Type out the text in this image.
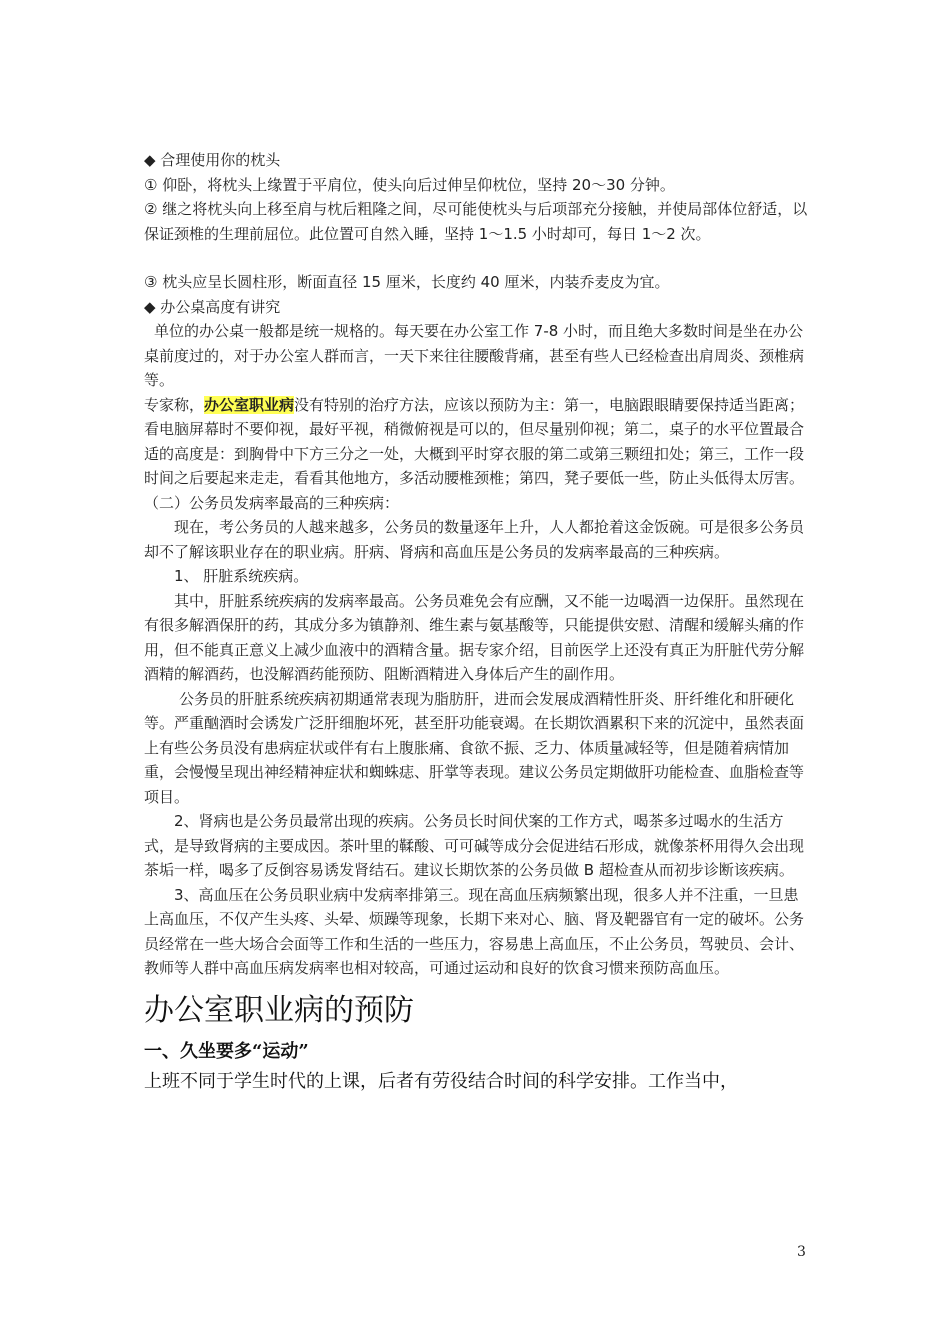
◆ 合理使用你的枕头

① 仰卧，将枕头上缘置于平肩位，使头向后过伸呈仰枕位，坚持 20～30 分钟。

② 继之将枕头向上移至肩与枕后粗隆之间，尽可能使枕头与后项部充分接触，并使局部体位舒适，以保证颈椎的生理前屈位。此位置可自然入睡，坚持 1～1.5 小时却可，每日 1～2 次。

③ 枕头应呈长圆柱形，断面直径 15 厘米，长度约 40 厘米，内装乔麦皮为宜。

◆ 办公桌高度有讲究

单位的办公桌一般都是统一规格的。每天要在办公室工作 7-8 小时，而且绝大多数时间是坐在办公桌前度过的，对于办公室人群而言，一天下来往往腰酸背痛，甚至有些人已经检查出肩周炎、颈椎病等。

专家称，办公室职业病没有特别的治疗方法，应该以预防为主：第一，电脑跟眼睛要保持适当距离；看电脑屏幕时不要仰视，最好平视，稍微俯视是可以的，但尽量别仰视；第二，桌子的水平位置最合适的高度是：到胸骨中下方三分之一处，大概到平时穿衣服的第二或第三颗纽扣处；第三，工作一段时间之后要起来走走，看看其他地方，多活动腰椎颈椎；第四，凳子要低一些，防止头低得太厉害。

（二）公务员发病率最高的三种疾病：

现在，考公务员的人越来越多，公务员的数量逐年上升，人人都抢着这金饭碗。可是很多公务员却不了解该职业存在的职业病。肝病、肾病和高血压是公务员的发病率最高的三种疾病。

1、 肝脏系统疾病。

其中，肝脏系统疾病的发病率最高。公务员难免会有应酬，又不能一边喝酒一边保肝。虽然现在有很多解酒保肝的药，其成分多为镇静剂、维生素与氨基酸等，只能提供安慰、清醒和缓解头痛的作用，但不能真正意义上减少血液中的酒精含量。据专家介绍，目前医学上还没有真正为肝脏代劳分解酒精的解酒药，也没解酒药能预防、阻断酒精进入身体后产生的副作用。

公务员的肝脏系统疾病初期通常表现为脂肪肝，进而会发展成酒精性肝炎、肝纤维化和肝硬化等。严重酗酒时会诱发广泛肝细胞坏死，甚至肝功能衰竭。在长期饮酒累积下来的沉淀中，虽然表面上有些公务员没有患病症状或伴有右上腹胀痛、食欲不振、乏力、体质量减轻等，但是随着病情加重，会慢慢呈现出神经精神症状和蜘蛛痣、肝掌等表现。建议公务员定期做肝功能检查、血脂检查等项目。

2、肾病也是公务员最常出现的疾病。公务员长时间伏案的工作方式，喝茶多过喝水的生活方式，是导致肾病的主要成因。茶叶里的鞣酸、可可碱等成分会促进结石形成，就像茶杯用得久会出现茶垢一样，喝多了反倒容易诱发肾结石。建议长期饮茶的公务员做 B 超检查从而初步诊断该疾病。

3、高血压在公务员职业病中发病率排第三。现在高血压病频繁出现，很多人并不注重，一旦患上高血压，不仅产生头疼、头晕、烦躁等现象，长期下来对心、脑、肾及靶器官有一定的破坏。公务员经常在一些大场合会面等工作和生活的一些压力，容易患上高血压，不止公务员，驾驶员、会计、教师等人群中高血压病发病率也相对较高，可通过运动和良好的饮食习惯来预防高血压。

办公室职业病的预防

一、久坐要多“运动”

上班不同于学生时代的上课，后者有劳役结合时间的科学安排。工作当中，

3
